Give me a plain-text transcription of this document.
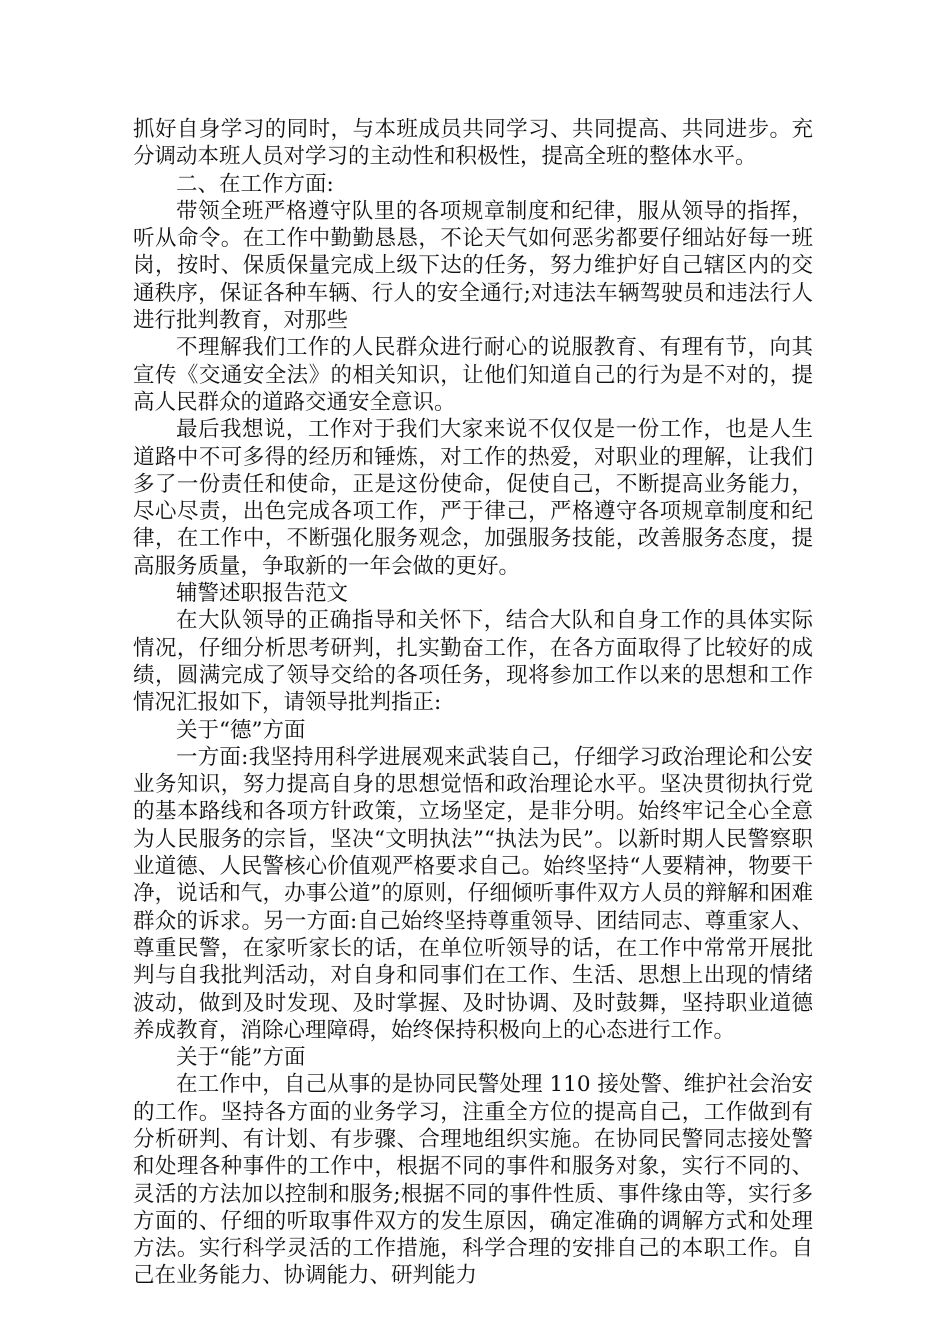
抓好自身学习的同时，与本班成员共同学习、共同提高、共同进步。充分调动本班人员对学习的主动性和积极性，提高全班的整体水平。

二、在工作方面:

带领全班严格遵守队里的各项规章制度和纪律，服从领导的指挥，听从命令。在工作中勤勤恳恳，不论天气如何恶劣都要仔细站好每一班岗，按时、保质保量完成上级下达的任务，努力维护好自己辖区内的交通秩序，保证各种车辆、行人的安全通行;对违法车辆驾驶员和违法行人进行批判教育，对那些

不理解我们工作的人民群众进行耐心的说服教育、有理有节，向其宣传《交通安全法》的相关知识，让他们知道自己的行为是不对的，提高人民群众的道路交通安全意识。

最后我想说，工作对于我们大家来说不仅仅是一份工作，也是人生道路中不可多得的经历和锤炼，对工作的热爱，对职业的理解，让我们多了一份责任和使命，正是这份使命，促使自己，不断提高业务能力，尽心尽责，出色完成各项工作，严于律己，严格遵守各项规章制度和纪律，在工作中，不断强化服务观念，加强服务技能，改善服务态度，提高服务质量，争取新的一年会做的更好。

辅警述职报告范文

在大队领导的正确指导和关怀下，结合大队和自身工作的具体实际情况，仔细分析思考研判，扎实勤奋工作，在各方面取得了比较好的成绩，圆满完成了领导交给的各项任务，现将参加工作以来的思想和工作情况汇报如下，请领导批判指正:

关于“德”方面

一方面:我坚持用科学进展观来武装自己，仔细学习政治理论和公安业务知识，努力提高自身的思想觉悟和政治理论水平。坚决贯彻执行党的基本路线和各项方针政策，立场坚定，是非分明。始终牢记全心全意为人民服务的宗旨，坚决“文明执法”“执法为民”。以新时期人民警察职业道德、人民警核心价值观严格要求自己。始终坚持“人要精神，物要干净，说话和气，办事公道”的原则，仔细倾听事件双方人员的辩解和困难群众的诉求。另一方面:自己始终坚持尊重领导、团结同志、尊重家人、尊重民警，在家听家长的话，在单位听领导的话，在工作中常常开展批判与自我批判活动，对自身和同事们在工作、生活、思想上出现的情绪波动，做到及时发现、及时掌握、及时协调、及时鼓舞，坚持职业道德养成教育，消除心理障碍，始终保持积极向上的心态进行工作。

关于“能”方面

在工作中，自己从事的是协同民警处理 110 接处警、维护社会治安的工作。坚持各方面的业务学习，注重全方位的提高自己，工作做到有分析研判、有计划、有步骤、合理地组织实施。在协同民警同志接处警和处理各种事件的工作中，根据不同的事件和服务对象，实行不同的、灵活的方法加以控制和服务;根据不同的事件性质、事件缘由等，实行多方面的、仔细的听取事件双方的发生原因，确定准确的调解方式和处理方法。实行科学灵活的工作措施，科学合理的安排自己的本职工作。自己在业务能力、协调能力、研判能力
